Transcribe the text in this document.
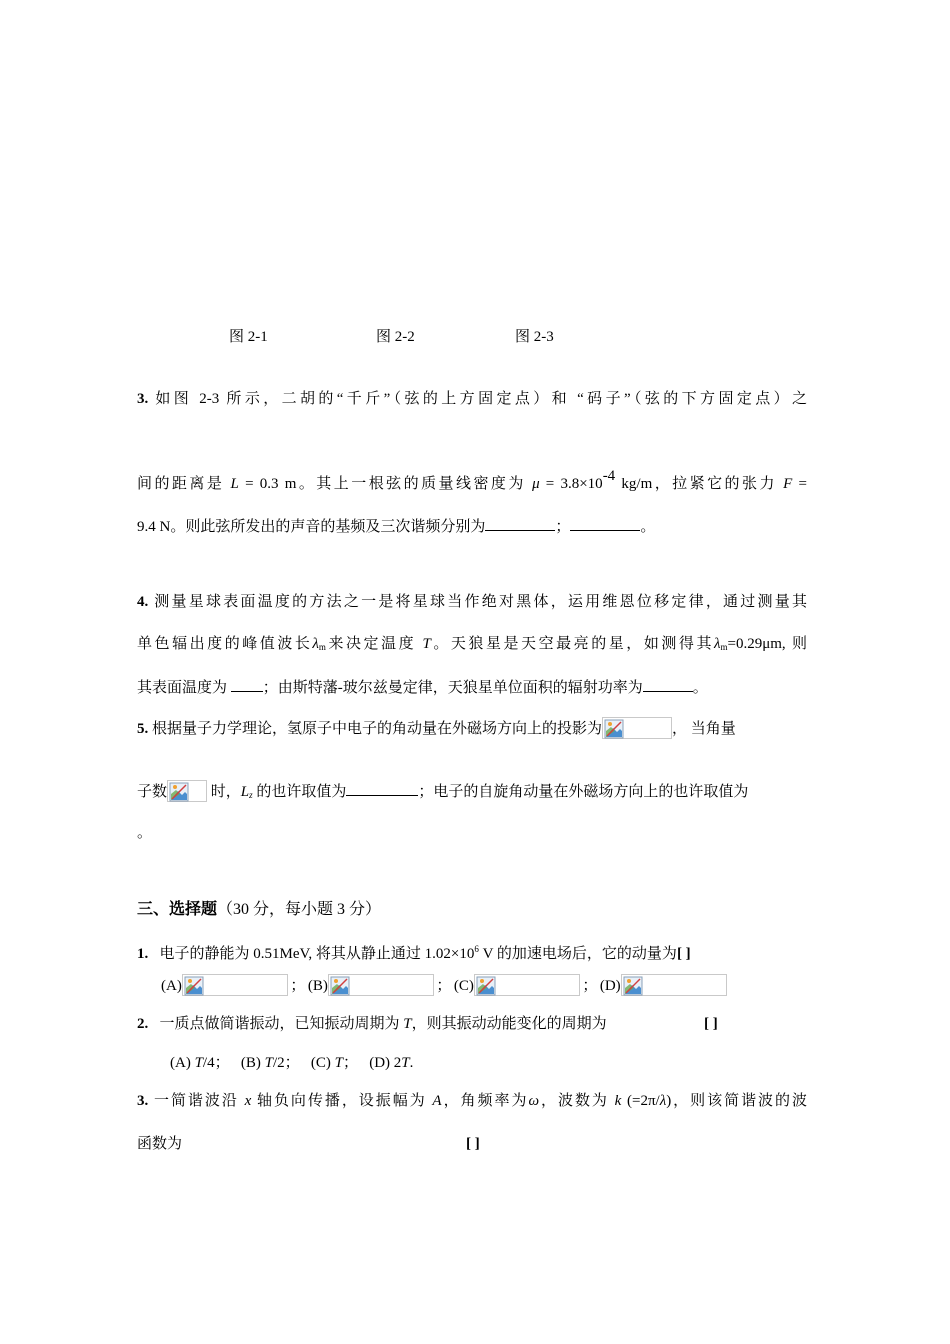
图 2-1	图 2-2	图 2-3
3. 如图 2-3 所示，二胡的“千斤”（弦的上方固定点）和 “码子”（弦的下方固定点）之
间的距离是 L = 0.3 m。其上一根弦的质量线密度为 μ = 3.8×10-4 kg/m，拉紧它的张力 F =
9.4 N。则此弦所发出的声音的基频及三次谐频分别为	；	。
4. 测量星球表面温度的方法之一是将星球当作绝对黑体，运用维恩位移定律，通过测量其
单色辐出度的峰值波长$\lambda_m$来决定温度 T。天狼星是天空最亮的星，如测得其$\lambda_m=0.29\mu m$, 则
其表面温度为 ；由斯特藩-玻尔兹曼定律，天狼星单位面积的辐射功率为	。
5. 根据量子力学理论，氢原子中电子的角动量在外磁场方向上的投影为	， 当角量
子数	时，$L_z$ 的也许取值为	；电子的自旋角动量在外磁场方向上的也许取值为
。
三、选择题（30 分，每小题 3 分）
1. 电子的静能为 0.51MeV, 将其从静止通过 $1.02\times 10^6$ V 的加速电场后，它的动量为[ ]
(A)	； (B)	； (C)	； (D)
2. 一质点做简谐振动，已知振动周期为 T，则其振动动能变化的周期为	[ ]
(A) T/4； (B) T/2； (C) T； (D) 2T.
3. 一简谐波沿 x 轴负向传播，设振幅为 A，角频率为ω，波数为 k (=2π/λ)，则该简谐波的波
函数为	[ ]
